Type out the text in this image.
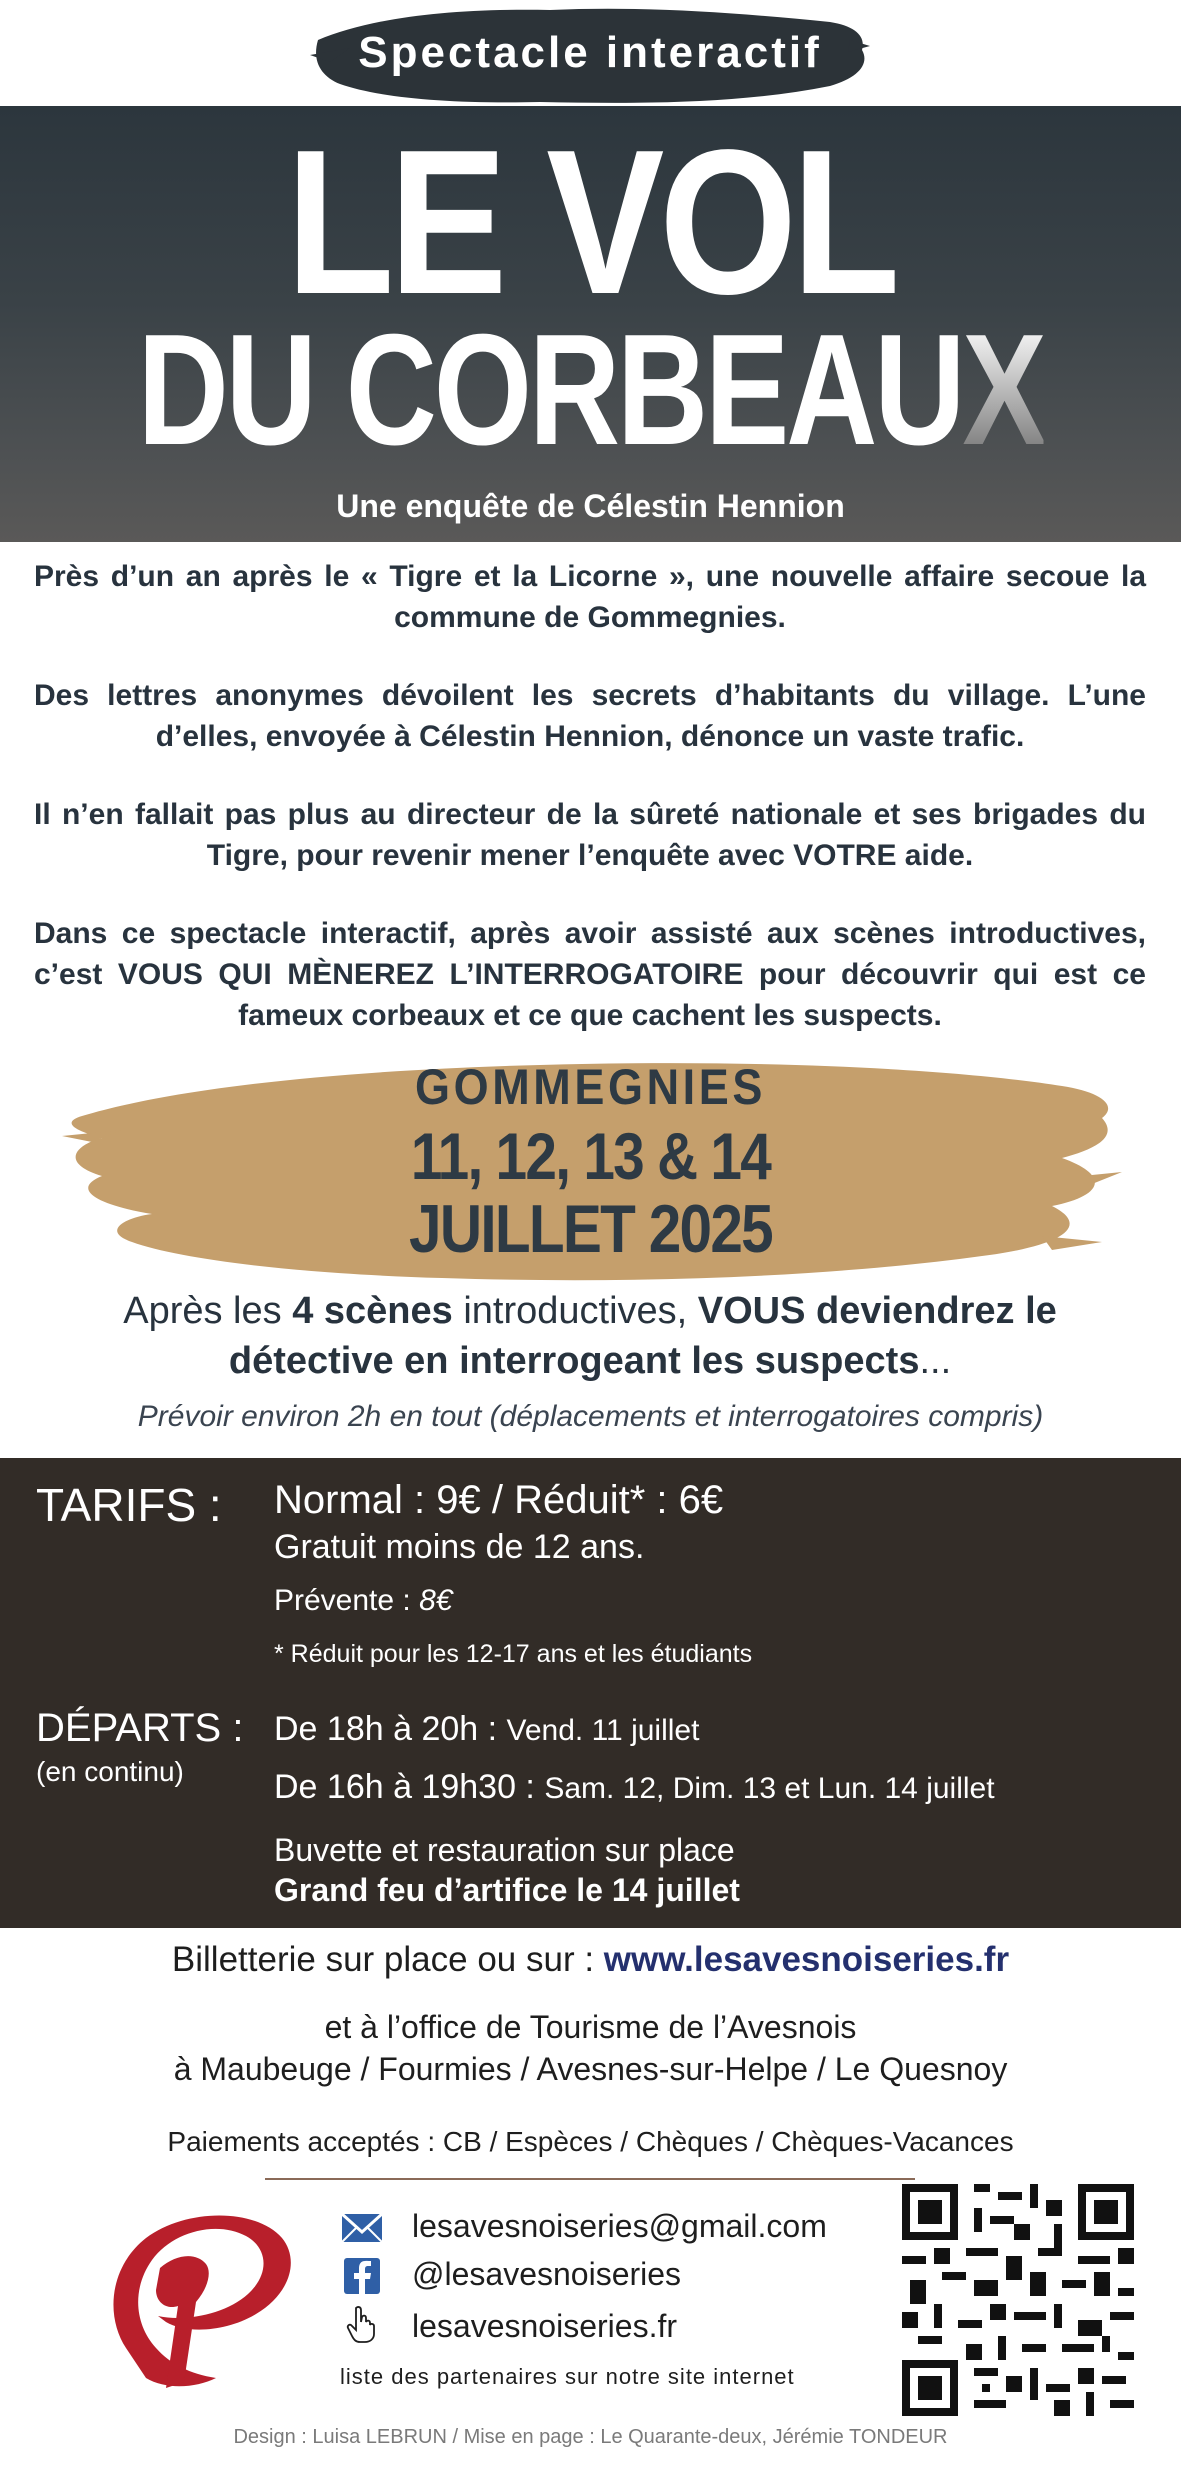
Spectacle interactif
LE VOL
DU CORBEAUX
Une enquête de Célestin Hennion

Près d’un an après le « Tigre et la Licorne », une nouvelle affaire secoue la commune de Gommegnies.

Des lettres anonymes dévoilent les secrets d’habitants du village. L’une d’elles, envoyée à Célestin Hennion, dénonce un vaste trafic.

Il n’en fallait pas plus au directeur de la sûreté nationale et ses brigades du Tigre, pour revenir mener l’enquête avec VOTRE aide.

Dans ce spectacle interactif, après avoir assisté aux scènes introductives, c’est VOUS QUI MÈNEREZ L’INTERROGATOIRE pour découvrir qui est ce fameux corbeaux et ce que cachent les suspects.

GOMMEGNIES
11, 12, 13 & 14
JUILLET 2025
Après les 4 scènes introductives, VOUS deviendrez le détective en interrogeant les suspects...
Prévoir environ 2h en tout (déplacements et interrogatoires compris)
TARIFS : Normal : 9€ / Réduit* : 6€
Gratuit moins de 12 ans.
Prévente : 8€
* Réduit pour les 12-17 ans et les étudiants
DÉPARTS :
(en continu)
De 18h à 20h : Vend. 11 juillet
De 16h à 19h30 : Sam. 12, Dim. 13 et Lun. 14 juillet
Buvette et restauration sur place
Grand feu d’artifice le 14 juillet
Billetterie sur place ou sur : www.lesavesnoiseries.fr
et à l’office de Tourisme de l’Avesnois
à Maubeuge / Fourmies / Avesnes-sur-Helpe / Le Quesnoy
Paiements acceptés : CB / Espèces / Chèques / Chèques-Vacances
lesavesnoiseries@gmail.com
@lesavesnoiseries
lesavesnoiseries.fr
liste des partenaires sur notre site internet
Design : Luisa LEBRUN / Mise en page : Le Quarante-deux, Jérémie TONDEUR
